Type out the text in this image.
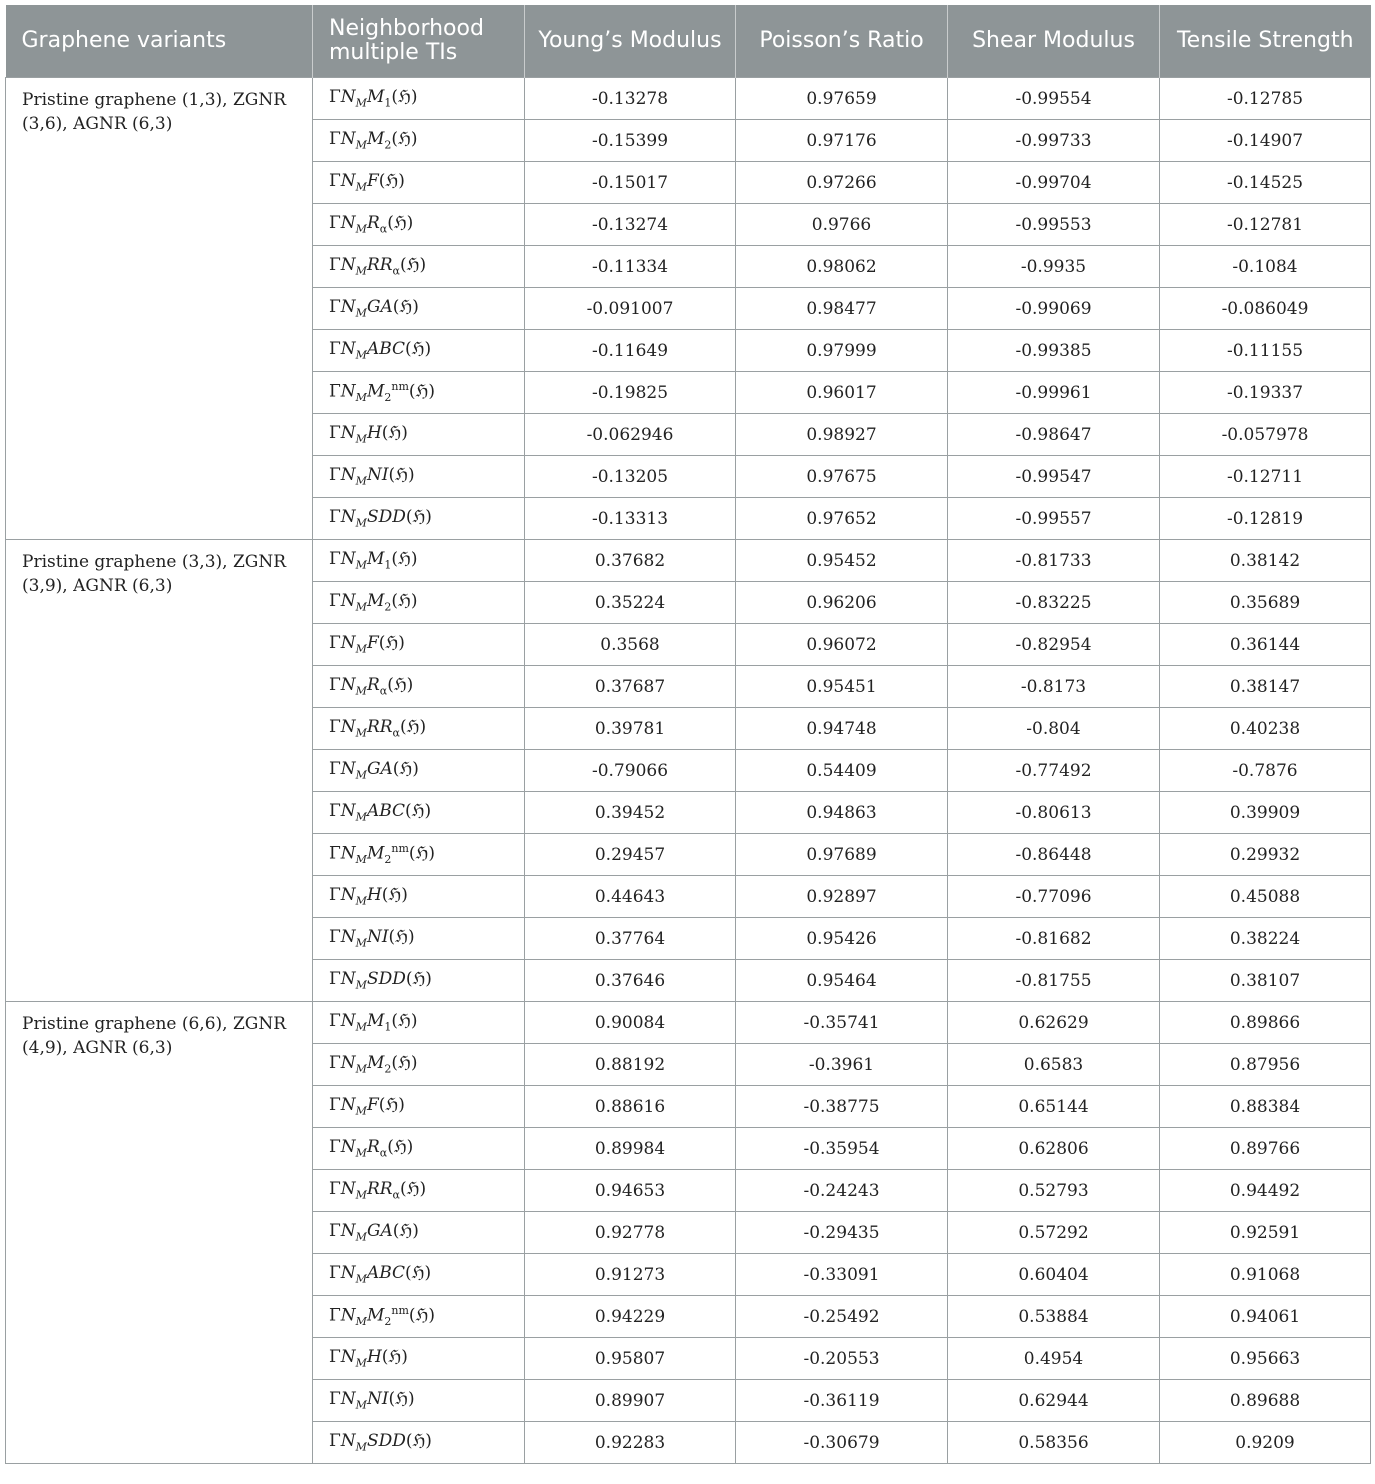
Graphene variants	Neighborhood multiple TIs	Young’s Modulus	Poisson’s Ratio	Shear Modulus	Tensile Strength
Pristine graphene (1,3), ZGNR (3,6), AGNR (6,3)	$\Gamma N_MM_1(ℌ)$	-0.13278	0.97659	-0.99554	-0.12785
	$\Gamma N_MM_2(ℌ)$	-0.15399	0.97176	-0.99733	-0.14907
	$\Gamma N_MF(ℌ)$	-0.15017	0.97266	-0.99704	-0.14525
	$\Gamma N_MR_\alpha(ℌ)$	-0.13274	0.9766	-0.99553	-0.12781
	$\Gamma N_MRR_\alpha(ℌ)$	-0.11334	0.98062	-0.9935	-0.1084
	$\Gamma N_MGA(ℌ)$	-0.091007	0.98477	-0.99069	-0.086049
	$\Gamma N_MABC(ℌ)$	-0.11649	0.97999	-0.99385	-0.11155
	$\Gamma N_MM_2^{nm}(ℌ)$	-0.19825	0.96017	-0.99961	-0.19337
	$\Gamma N_MH(ℌ)$	-0.062946	0.98927	-0.98647	-0.057978
	$\Gamma N_MNI(ℌ)$	-0.13205	0.97675	-0.99547	-0.12711
	$\Gamma N_MSDD(ℌ)$	-0.13313	0.97652	-0.99557	-0.12819
Pristine graphene (3,3), ZGNR (3,9), AGNR (6,3)	$\Gamma N_MM_1(ℌ)$	0.37682	0.95452	-0.81733	0.38142
	$\Gamma N_MM_2(ℌ)$	0.35224	0.96206	-0.83225	0.35689
	$\Gamma N_MF(ℌ)$	0.3568	0.96072	-0.82954	0.36144
	$\Gamma N_MR_\alpha(ℌ)$	0.37687	0.95451	-0.8173	0.38147
	$\Gamma N_MRR_\alpha(ℌ)$	0.39781	0.94748	-0.804	0.40238
	$\Gamma N_MGA(ℌ)$	-0.79066	0.54409	-0.77492	-0.7876
	$\Gamma N_MABC(ℌ)$	0.39452	0.94863	-0.80613	0.39909
	$\Gamma N_MM_2^{nm}(ℌ)$	0.29457	0.97689	-0.86448	0.29932
	$\Gamma N_MH(ℌ)$	0.44643	0.92897	-0.77096	0.45088
	$\Gamma N_MNI(ℌ)$	0.37764	0.95426	-0.81682	0.38224
	$\Gamma N_MSDD(ℌ)$	0.37646	0.95464	-0.81755	0.38107
Pristine graphene (6,6), ZGNR (4,9), AGNR (6,3)	$\Gamma N_MM_1(ℌ)$	0.90084	-0.35741	0.62629	0.89866
	$\Gamma N_MM_2(ℌ)$	0.88192	-0.3961	0.6583	0.87956
	$\Gamma N_MF(ℌ)$	0.88616	-0.38775	0.65144	0.88384
	$\Gamma N_MR_\alpha(ℌ)$	0.89984	-0.35954	0.62806	0.89766
	$\Gamma N_MRR_\alpha(ℌ)$	0.94653	-0.24243	0.52793	0.94492
	$\Gamma N_MGA(ℌ)$	0.92778	-0.29435	0.57292	0.92591
	$\Gamma N_MABC(ℌ)$	0.91273	-0.33091	0.60404	0.91068
	$\Gamma N_MM_2^{nm}(ℌ)$	0.94229	-0.25492	0.53884	0.94061
	$\Gamma N_MH(ℌ)$	0.95807	-0.20553	0.4954	0.95663
	$\Gamma N_MNI(ℌ)$	0.89907	-0.36119	0.62944	0.89688
	$\Gamma N_MSDD(ℌ)$	0.92283	-0.30679	0.58356	0.9209
